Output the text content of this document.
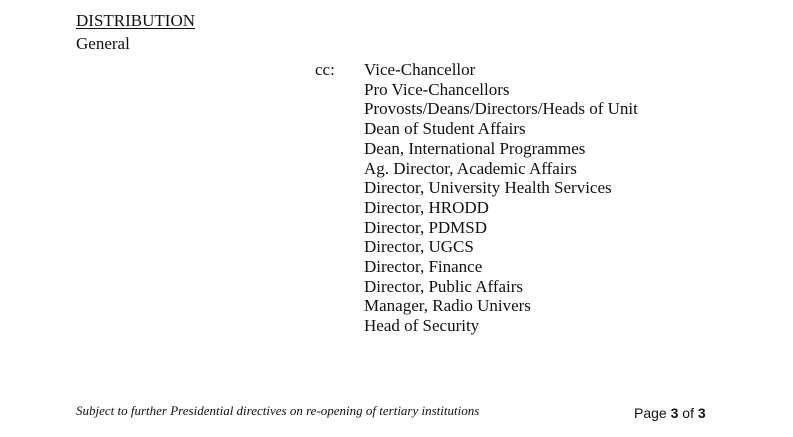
DISTRIBUTION
General
cc: Vice-Chancellor
Pro Vice-Chancellors
Provosts/Deans/Directors/Heads of Unit
Dean of Student Affairs
Dean, International Programmes
Ag. Director, Academic Affairs
Director, University Health Services
Director, HRODD
Director, PDMSD
Director, UGCS
Director, Finance
Director, Public Affairs
Manager, Radio Univers
Head of Security
Subject to further Presidential directives on re-opening of tertiary institutions	Page 3 of 3
